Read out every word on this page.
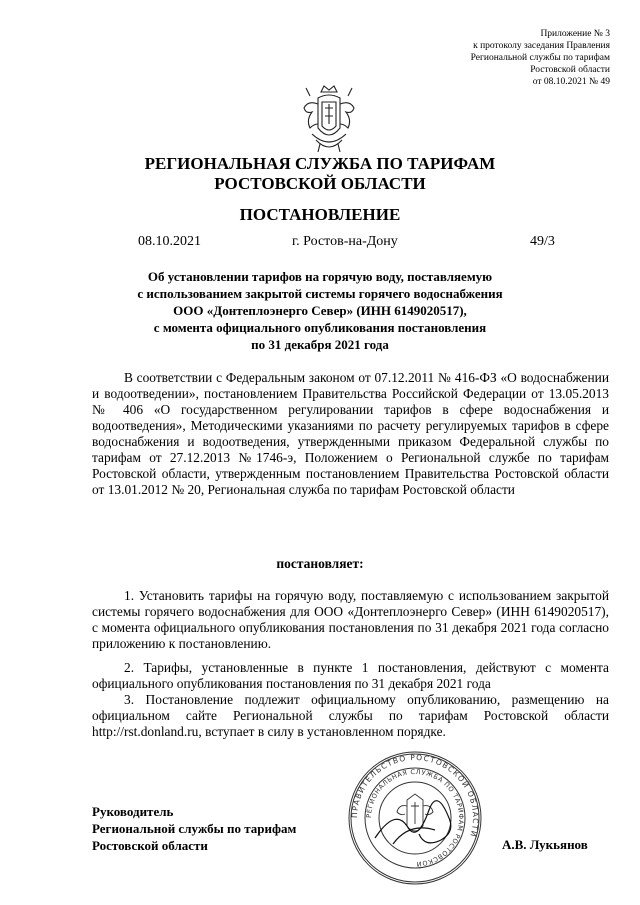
Приложение № 3
к протоколу заседания Правления
Региональной службы по тарифам
Ростовской области
от 08.10.2021 № 49
РЕГИОНАЛЬНАЯ СЛУЖБА ПО ТАРИФАМ
РОСТОВСКОЙ ОБЛАСТИ
ПОСТАНОВЛЕНИЕ
08.10.2021	г. Ростов-на-Дону	49/3
Об установлении тарифов на горячую воду, поставляемую
с использованием закрытой системы горячего водоснабжения
ООО «Донтеплоэнерго Север» (ИНН 6149020517),
с момента официального опубликования постановления
по 31 декабря 2021 года

В соответствии с Федеральным законом от 07.12.2011 № 416-ФЗ «О водоснабжении и водоотведении», постановлением Правительства Российской Федерации от 13.05.2013 № 406 «О государственном регулировании тарифов в сфере водоснабжения и водоотведения», Методическими указаниями по расчету регулируемых тарифов в сфере водоснабжения и водоотведения, утвержденными приказом Федеральной службы по тарифам от 27.12.2013 №1746-э, Положением о Региональной службе по тарифам Ростовской области, утвержденным постановлением Правительства Ростовской области от 13.01.2012 № 20, Региональная служба по тарифам Ростовской области

постановляет:

1. Установить тарифы на горячую воду, поставляемую с использованием закрытой системы горячего водоснабжения для ООО «Донтеплоэнерго Север» (ИНН 6149020517), с момента официального опубликования постановления по 31 декабря 2021 года согласно приложению к постановлению.

2. Тарифы, установленные в пункте 1 постановления, действуют с момента официального опубликования постановления по 31 декабря 2021 года

3. Постановление подлежит официальному опубликованию, размещению на официальном сайте Региональной службы по тарифам Ростовской области http://rst.donland.ru, вступает в силу в установленном порядке.

ПРАВИТЕЛЬСТВО РОСТОВСКОЙ ОБЛАСТИ
РЕГИОНАЛЬНАЯ СЛУЖБА ПО ТАРИФАМ РОСТОВСКОЙ
Руководитель
Региональной службы по тарифам
Ростовской области	А.В. Лукьянов
